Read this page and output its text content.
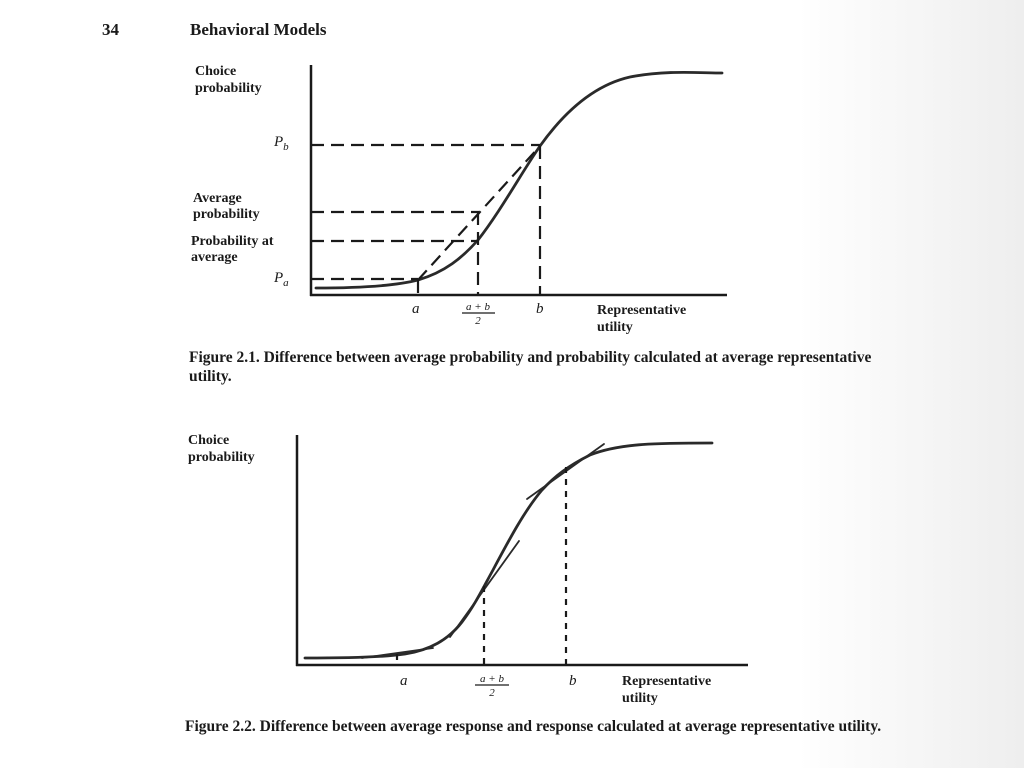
34	Behavioral Models
Choice
probability
$P_b$
Average
probability
Probability at
average
$P_a$
a	a + b
2
b	Representative
utility
Choice
probability
a	a + b
2
b	Representative
utility

Figure 2.1. Difference between average probability and probability calculated at average representative utility.

Figure 2.2. Difference between average response and response calculated at average representative utility.
